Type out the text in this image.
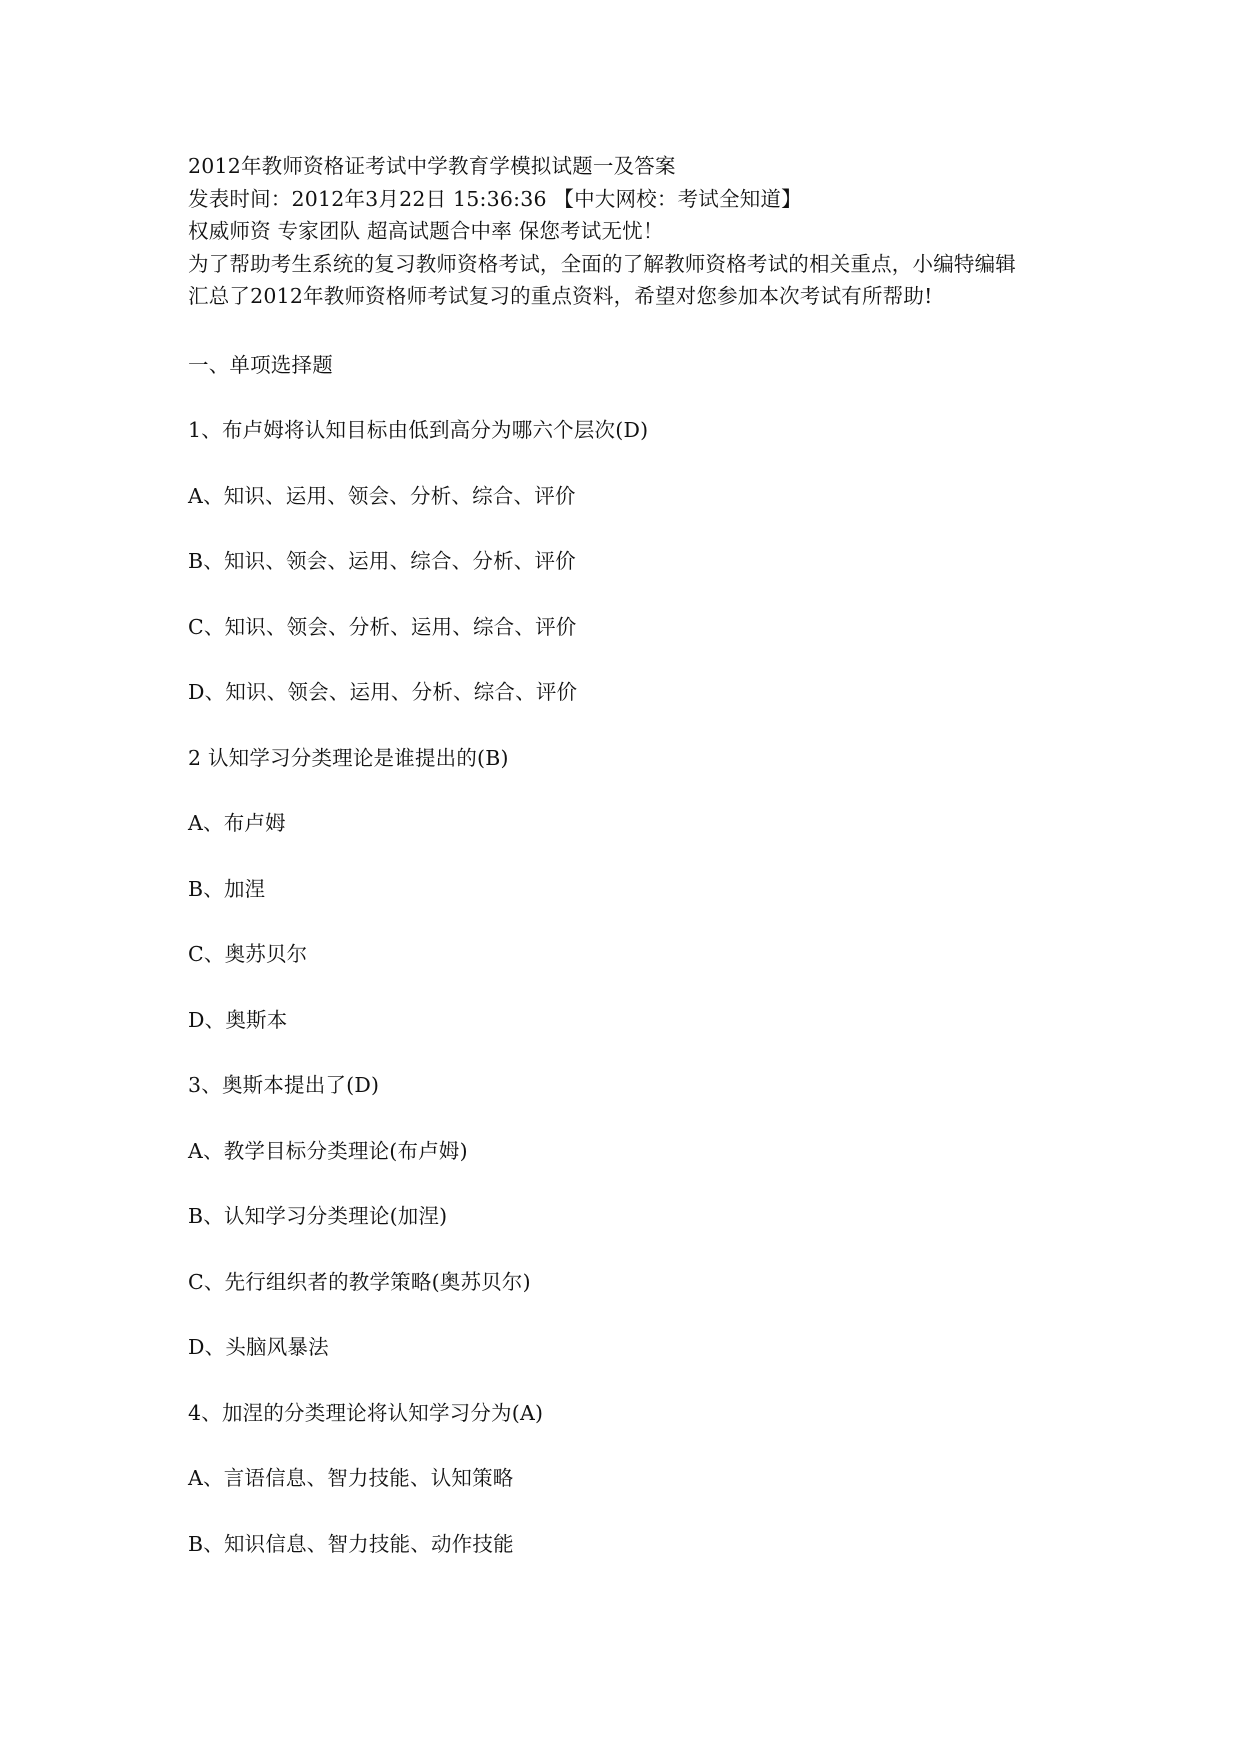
2012年教师资格证考试中学教育学模拟试题一及答案
发表时间：2012年3月22日 15:36:36 【中大网校：考试全知道】
权威师资 专家团队 超高试题合中率 保您考试无忧！
为了帮助考生系统的复习教师资格考试，全面的了解教师资格考试的相关重点，小编特编辑
汇总了2012年教师资格师考试复习的重点资料，希望对您参加本次考试有所帮助!
一、单项选择题
1、布卢姆将认知目标由低到高分为哪六个层次(D)
A、知识、运用、领会、分析、综合、评价
B、知识、领会、运用、综合、分析、评价
C、知识、领会、分析、运用、综合、评价
D、知识、领会、运用、分析、综合、评价
2 认知学习分类理论是谁提出的(B)
A、布卢姆
B、加涅
C、奥苏贝尔
D、奥斯本
3、奥斯本提出了(D)
A、教学目标分类理论(布卢姆)
B、认知学习分类理论(加涅)
C、先行组织者的教学策略(奥苏贝尔)
D、头脑风暴法
4、加涅的分类理论将认知学习分为(A)
A、言语信息、智力技能、认知策略
B、知识信息、智力技能、动作技能
